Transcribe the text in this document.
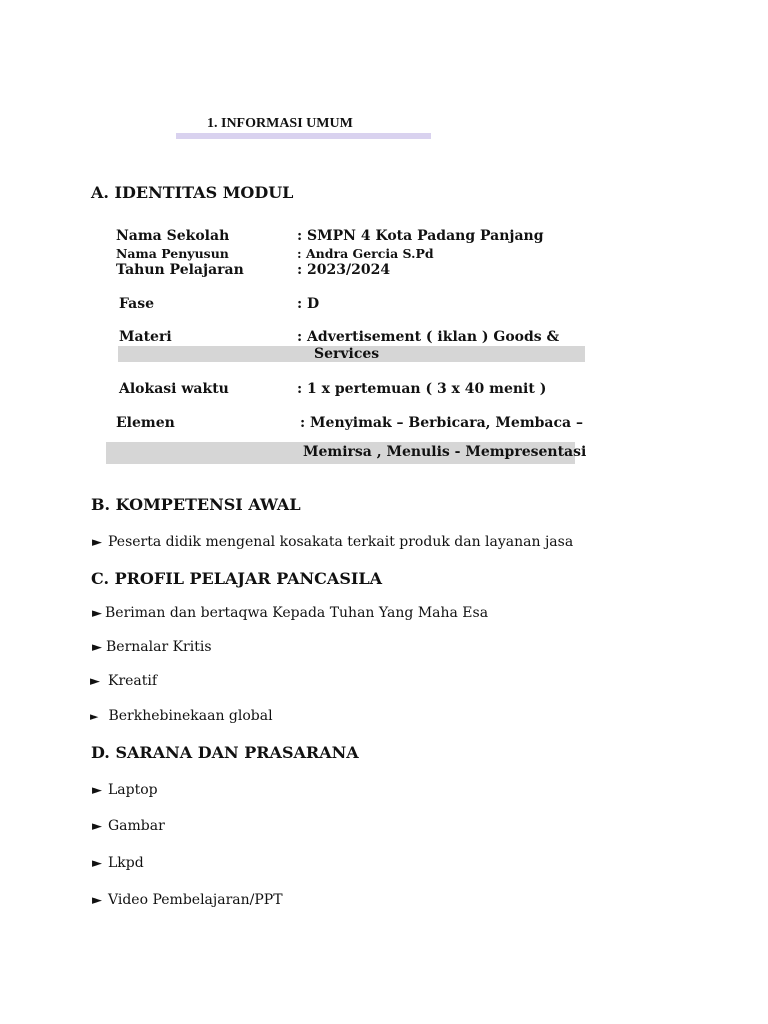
1. INFORMASI UMUM
A. IDENTITAS MODUL
Nama Sekolah	: SMPN 4 Kota Padang Panjang
Nama Penyusun	: Andra Gercia S.Pd
Tahun Pelajaran	: 2023/2024
Fase	: D
Materi	: Advertisement ( iklan ) Goods &
Services
Alokasi waktu	: 1 x pertemuan ( 3 x 40 menit )
Elemen	: Menyimak – Berbicara, Membaca –
Memirsa , Menulis - Mempresentasi
B. KOMPETENSI AWAL
► Peserta didik mengenal kosakata terkait produk dan layanan jasa
C. PROFIL PELAJAR PANCASILA
► Beriman dan bertaqwa Kepada Tuhan Yang Maha Esa
► Bernalar Kritis
► Kreatif
► Berkhebinekaan global
D. SARANA DAN PRASARANA
► Laptop
► Gambar
► Lkpd
► Video Pembelajaran/PPT
